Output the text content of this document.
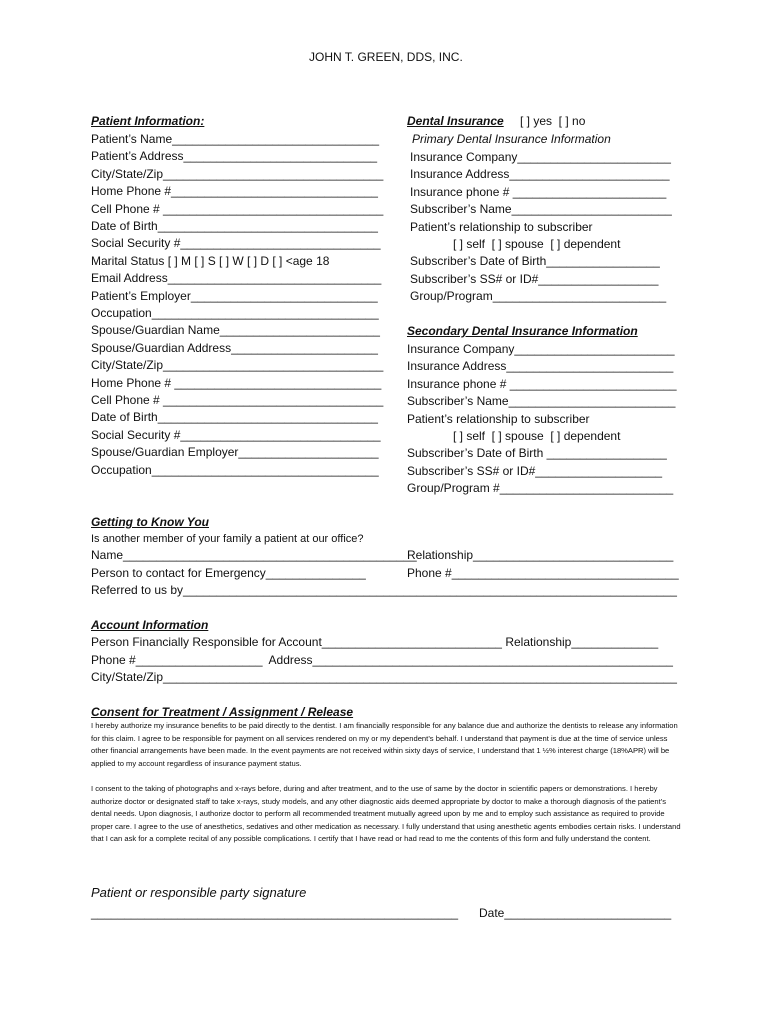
JOHN T. GREEN, DDS, INC.
Patient Information:
Patient’s Name_______________________________
Patient’s Address_____________________________
City/State/Zip_________________________________
Home Phone #_______________________________
Cell Phone # _________________________________
Date of Birth_________________________________
Social Security #______________________________
Marital Status [ ] M [ ] S [ ] W [ ] D [ ] <age 18
Email Address________________________________
Patient’s Employer____________________________
Occupation__________________________________
Spouse/Guardian Name________________________
Spouse/Guardian Address______________________
City/State/Zip_________________________________
Home Phone # _______________________________
Cell Phone # _________________________________
Date of Birth_________________________________
Social Security #______________________________
Spouse/Guardian Employer_____________________
Occupation__________________________________
Dental Insurance [ ] yes  [ ] no
Primary Dental Insurance Information
Insurance Company_______________________
Insurance Address________________________
Insurance phone # _______________________
Subscriber’s Name________________________
Patient’s relationship to subscriber
[ ] self  [ ] spouse  [ ] dependent
Subscriber’s Date of Birth_________________
Subscriber’s SS# or ID#__________________
Group/Program__________________________
Secondary Dental Insurance Information
Insurance Company________________________
Insurance Address_________________________
Insurance phone # _________________________
Subscriber’s Name_________________________
Patient’s relationship to subscriber
[ ] self  [ ] spouse  [ ] dependent
Subscriber’s Date of Birth __________________
Subscriber’s SS# or ID#___________________
Group/Program #__________________________
Getting to Know You
Is another member of your family a patient at our office?
Name____________________________________________
Relationship______________________________
Person to contact for Emergency_______________	Phone #__________________________________
Referred to us by__________________________________________________________________________
Account Information
Person Financially Responsible for Account___________________________ Relationship_____________
Phone #___________________  Address______________________________________________________
City/State/Zip_____________________________________________________________________________
Consent for Treatment / Assignment / Release
I hereby authorize my insurance benefits to be paid directly to the dentist. I am financially responsible for any balance due and authorize the dentists to release any information for this claim. I agree to be responsible for payment on all services rendered on my or my dependent’s behalf. I understand that payment is due at the time of service unless other financial arrangements have been made. In the event payments are not received within sixty days of service, I understand that 1 ½% interest charge (18%APR) will be applied to my account regardless of insurance payment status.
I consent to the taking of photographs and x-rays before, during and after treatment, and to the use of same by the doctor in scientific papers or demonstrations. I hereby authorize doctor or designated staff to take x-rays, study models, and any other diagnostic aids deemed appropriate by doctor to make a thorough diagnosis of the patient’s dental needs. Upon diagnosis, I authorize doctor to perform all recommended treatment mutually agreed upon by me and to employ such assistance as required to provide proper care. I agree to the use of anesthetics, sedatives and other medication as necessary. I fully understand that using anesthetic agents embodies certain risks. I understand that I can ask for a complete recital of any possible complications. I certify that I have read or had read to me the contents of this form and fully understand the content.
Patient or responsible party signature
_______________________________________________________ Date_________________________
